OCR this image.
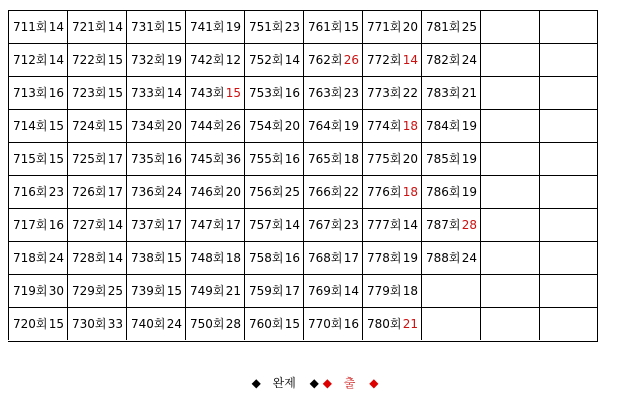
711회 14 721회 14 731회 15 741회 19 751회 23 761회 15 771회 20 781회 25
712회 14 722회 15 732회 19 742회 12 752회 14 762회 26 772회 14 782회 24
713회 16 723회 15 733회 14 743회 15 753회 16 763회 23 773회 22 783회 21
714회 15 724회 15 734회 20 744회 26 754회 20 764회 19 774회 18 784회 19
715회 15 725회 17 735회 16 745회 36 755회 16 765회 18 775회 20 785회 19
716회 23 726회 17 736회 24 746회 20 756회 25 766회 22 776회 18 786회 19
717회 16 727회 14 737회 17 747회 17 757회 14 767회 23 777회 14 787회 28
718회 24 728회 14 738회 15 748회 18 758회 16 768회 17 778회 19 788회 24
719회 30 729회 25 739회 15 749회 21 759회 17 769회 14 779회 18
720회 15 730회 33 740회 24 750회 28 760회 15 770회 16 780회 21
◆ 완제 ◆ ◆ 출 ◆
